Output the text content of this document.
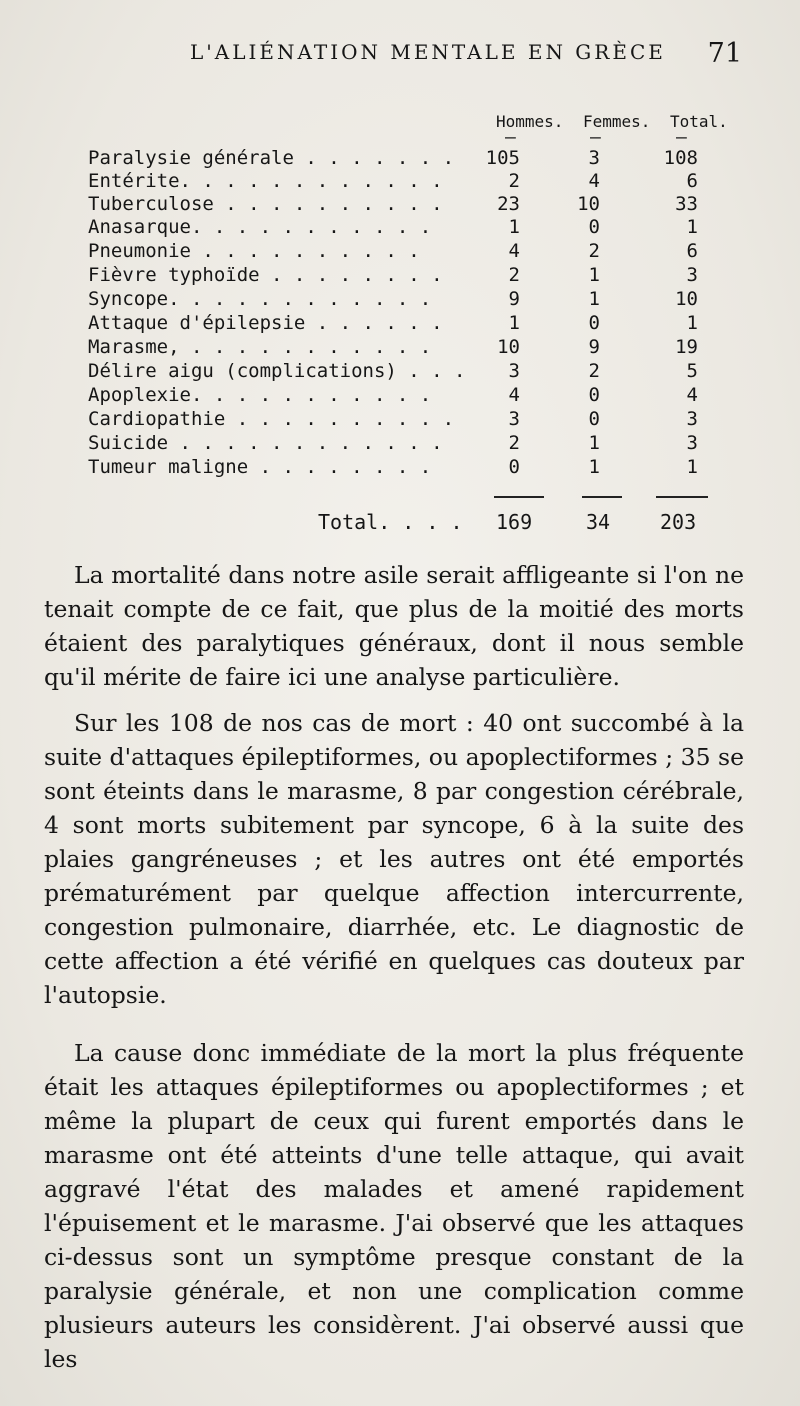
L'ALIÉNATION MENTALE EN GRÈCE 71
Hommes. Femmes. Total.
—	—	—
Paralysie générale . . . . . . .	105	3	108
Entérite. . . . . . . . . . . .	2	4	6
Tuberculose . . . . . . . . . .	23	10	33
Anasarque. . . . . . . . . . .	1	0	1
Pneumonie . . . . . . . . . .	4	2	6
Fièvre typhoïde . . . . . . . .	2	1	3
Syncope. . . . . . . . . . . .	9	1	10
Attaque d'épilepsie . . . . . .	1	0	1
Marasme, . . . . . . . . . . .	10	9	19
Délire aigu (complications) . . .	3	2	5
Apoplexie. . . . . . . . . . .	4	0	4
Cardiopathie . . . . . . . . . .	3	0	3
Suicide . . . . . . . . . . . .	2	1	3
Tumeur maligne . . . . . . . .	0	1	1
Total. . . . 169	34 203

La mortalité dans notre asile serait affligeante si l'on ne tenait compte de ce fait, que plus de la moitié des morts étaient des paralytiques généraux, dont il nous semble qu'il mérite de faire ici une analyse particulière.

Sur les 108 de nos cas de mort : 40 ont succombé à la suite d'attaques épileptiformes, ou apoplectiformes ; 35 se sont éteints dans le marasme, 8 par congestion cérébrale, 4 sont morts subitement par syncope, 6 à la suite des plaies gangréneuses ; et les autres ont été emportés prématurément par quelque affection intercurrente, congestion pulmonaire, diarrhée, etc. Le diagnostic de cette affection a été vérifié en quelques cas douteux par l'autopsie.

La cause donc immédiate de la mort la plus fréquente était les attaques épileptiformes ou apoplectiformes ; et même la plupart de ceux qui furent emportés dans le marasme ont été atteints d'une telle attaque, qui avait aggravé l'état des malades et amené rapidement l'épuisement et le marasme. J'ai observé que les attaques ci-dessus sont un symptôme presque constant de la paralysie générale, et non une complication comme plusieurs auteurs les considèrent. J'ai observé aussi que les
